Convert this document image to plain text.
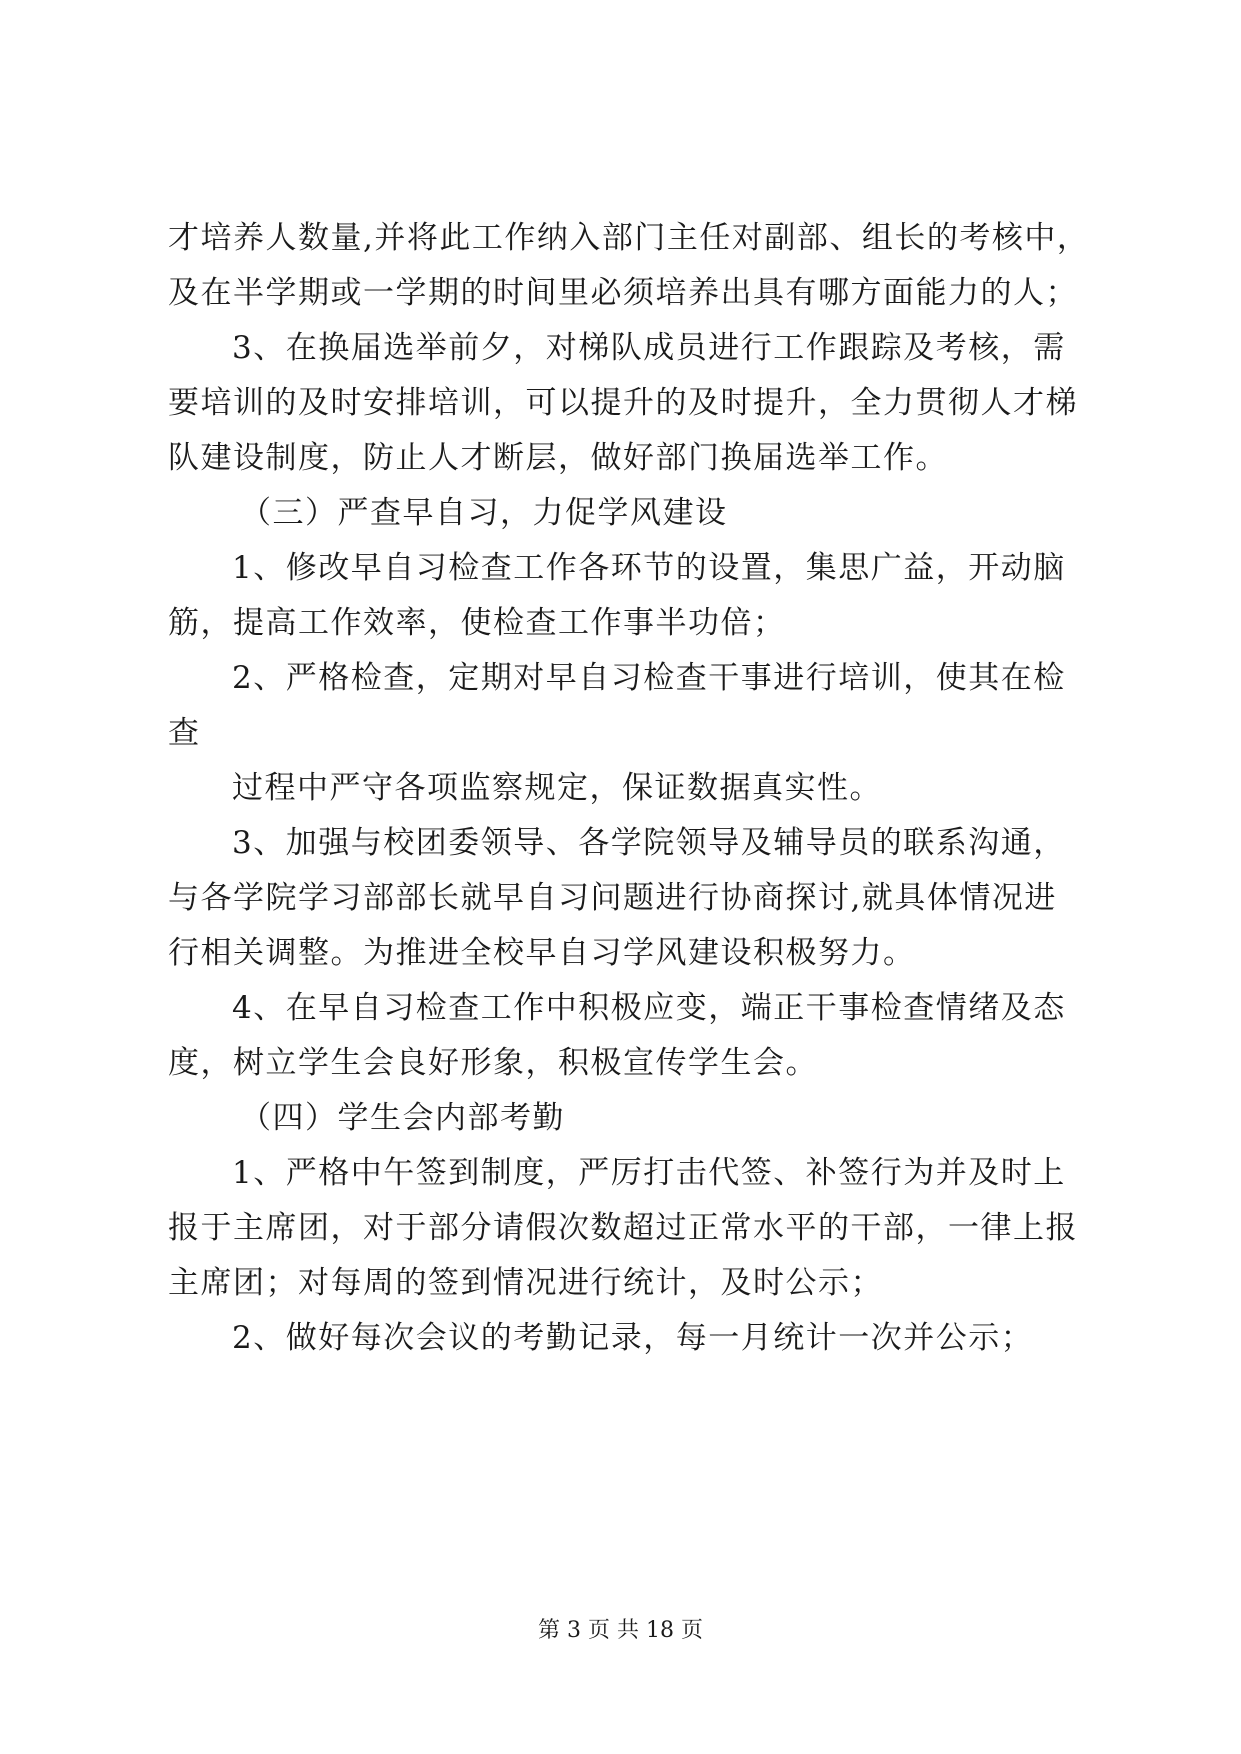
才培养人数量,并将此工作纳入部门主任对副部、组长的考核中，
及在半学期或一学期的时间里必须培养出具有哪方面能力的人；
3、在换届选举前夕，对梯队成员进行工作跟踪及考核，需
要培训的及时安排培训，可以提升的及时提升，全力贯彻人才梯
队建设制度，防止人才断层，做好部门换届选举工作。
（三）严查早自习，力促学风建设
1、修改早自习检查工作各环节的设置，集思广益，开动脑
筋，提高工作效率，使检查工作事半功倍；
2、严格检查，定期对早自习检查干事进行培训，使其在检
查
过程中严守各项监察规定，保证数据真实性。
3、加强与校团委领导、各学院领导及辅导员的联系沟通，
与各学院学习部部长就早自习问题进行协商探讨,就具体情况进
行相关调整。为推进全校早自习学风建设积极努力。
4、在早自习检查工作中积极应变，端正干事检查情绪及态
度，树立学生会良好形象，积极宣传学生会。
（四）学生会内部考勤
1、严格中午签到制度，严厉打击代签、补签行为并及时上
报于主席团，对于部分请假次数超过正常水平的干部，一律上报
主席团；对每周的签到情况进行统计，及时公示；
2、做好每次会议的考勤记录，每一月统计一次并公示；
第 3 页 共 18 页
